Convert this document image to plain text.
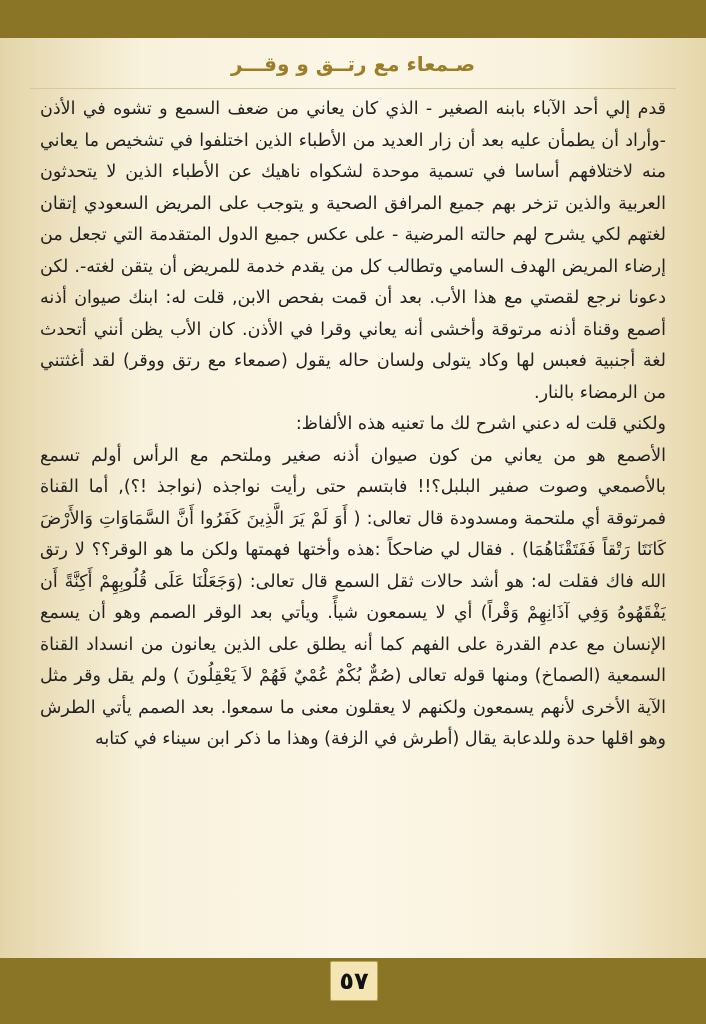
صـمعاء مع رتــق و وقـــر

قدم إلي أحد الآباء بابنه الصغير - الذي كان يعاني من ضعف السمع و تشوه في الأذن -وأراد أن يطمأن عليه بعد أن زار العديد من الأطباء الذين اختلفوا في تشخيص ما يعاني منه لاختلافهم أساسا في تسمية موحدة لشكواه ناهيك عن الأطباء الذين لا يتحدثون العربية والذين تزخر بهم جميع المرافق الصحية و يتوجب على المريض السعودي إتقان لغتهم لكي يشرح لهم حالته المرضية - على عكس جميع الدول المتقدمة التي تجعل من إرضاء المريض الهدف السامي وتطالب كل من يقدم خدمة للمريض أن يتقن لغته-. لكن دعونا نرجع لقصتي مع هذا الأب. بعد أن قمت بفحص الابن, قلت له: ابنك صيوان أذنه أصمع وقناة أذنه مرتوقة وأخشى أنه يعاني وقرا في الأذن. كان الأب يظن أنني أتحدث لغة أجنبية فعبس لها وكاد يتولى ولسان حاله يقول (صمعاء مع رتق ووقر) لقد أغثتني من الرمضاء بالنار.

ولكني قلت له دعني اشرح لك ما تعنيه هذه الألفاظ:

الأصمع هو من يعاني من كون صيوان أذنه صغير وملتحم مع الرأس أولم تسمع بالأصمعي وصوت صفير البلبل؟!! فابتسم حتى رأيت نواجذه (نواجذ !؟), أما القناة فمرتوقة أي ملتحمة ومسدودة قال تعالى: ( أَوَ لَمْ يَرَ الَّذِينَ كَفَرُوا أَنَّ السَّمَاوَاتِ وَالأَرْضَ كَانَتَا رَتْقاً فَفَتَقْنَاهُمَا) . فقال لي ضاحكاً :هذه وأختها فهمتها ولكن ما هو الوقر؟؟ لا رتق الله فاك فقلت له: هو أشد حالات ثقل السمع قال تعالى: (وَجَعَلْنَا عَلَى قُلُوبِهِمْ أَكِنَّةً أَن يَفْقَهُوهُ وَفِي آذَانِهِمْ وَقْراً) أي لا يسمعون شيأً. ويأتي بعد الوقر الصمم وهو أن يسمع الإنسان مع عدم القدرة على الفهم كما أنه يطلق على الذين يعانون من انسداد القناة السمعية (الصماخ) ومنها قوله تعالى (صُمٌّ بُكْمٌ عُمْيٌ فَهُمْ لاَ يَعْقِلُونَ ) ولم يقل وقر مثل الآية الأخرى لأنهم يسمعون ولكنهم لا يعقلون معنى ما سمعوا. بعد الصمم يأتي الطرش وهو اقلها حدة وللدعابة يقال (أطرش في الزفة) وهذا ما ذكر ابن سيناء في كتابه

٥٧
